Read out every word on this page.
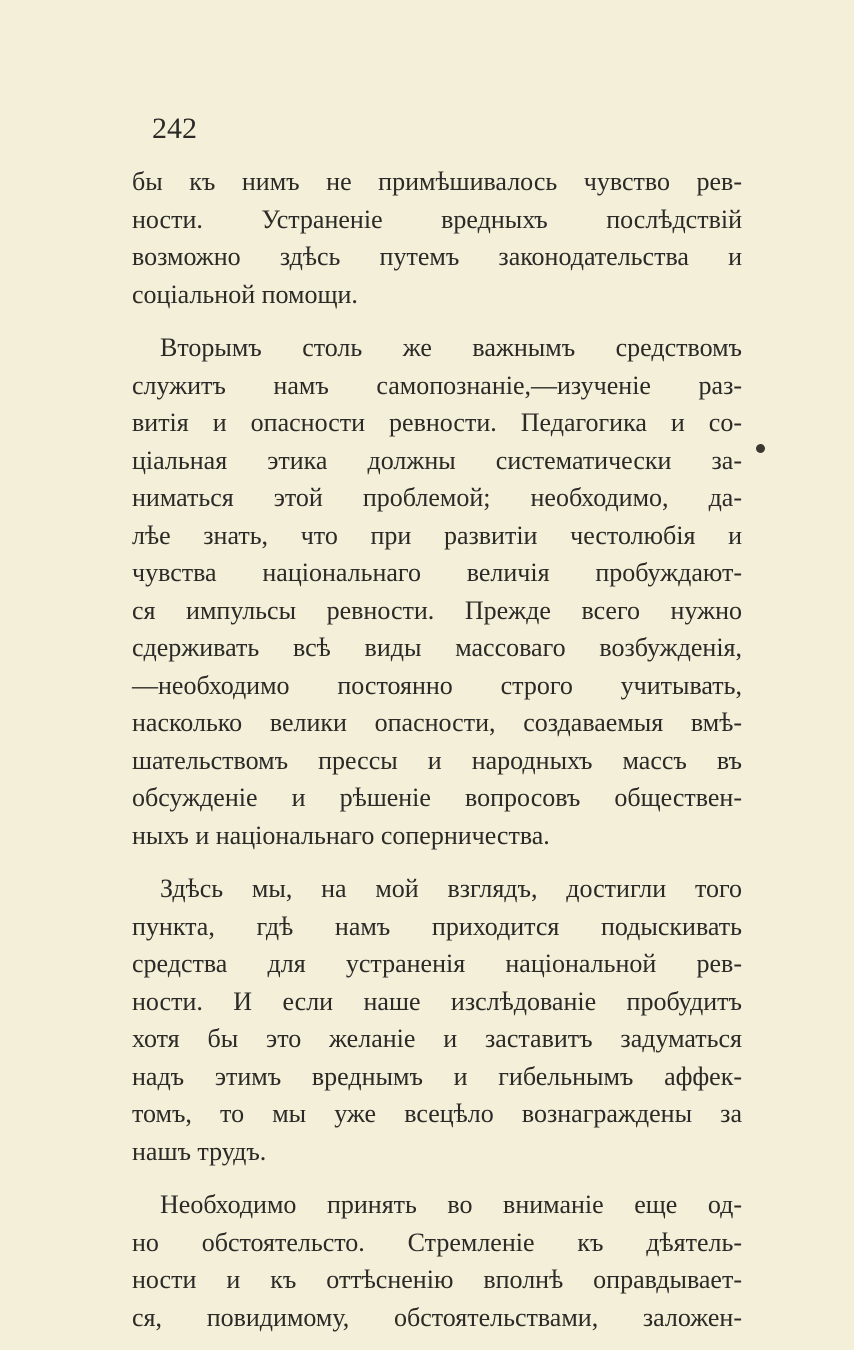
242
бы къ нимъ не примѣшивалось чувство рев-
ности. Устраненіе вредныхъ послѣдствій
возможно здѣсь путемъ законодательства и
соціальной помощи.
Вторымъ столь же важнымъ средствомъ
служитъ намъ самопознаніе,—изученіе раз-
витія и опасности ревности. Педагогика и со-
ціальная этика должны систематически за-
ниматься этой проблемой; необходимо, да-
лѣе знать, что при развитіи честолюбія и
чувства національнаго величія пробуждают-
ся импульсы ревности. Прежде всего нужно
сдерживать всѣ виды массоваго возбужденія,
—необходимо постоянно строго учитывать,
насколько велики опасности, создаваемыя вмѣ-
шательствомъ прессы и народныхъ массъ въ
обсужденіе и рѣшеніе вопросовъ обществен-
ныхъ и національнаго соперничества.
Здѣсь мы, на мой взглядъ, достигли того
пункта, гдѣ намъ приходится подыскивать
средства для устраненія національной рев-
ности. И если наше изслѣдованіе пробудитъ
хотя бы это желаніе и заставитъ задуматься
надъ этимъ вреднымъ и гибельнымъ аффек-
томъ, то мы уже всецѣло вознаграждены за
нашъ трудъ.
Необходимо принять во вниманіе еще од-
но обстоятельсто. Стремленіе къ дѣятель-
ности и къ оттѣсненію вполнѣ оправдывает-
ся, повидимому, обстоятельствами, заложен-
